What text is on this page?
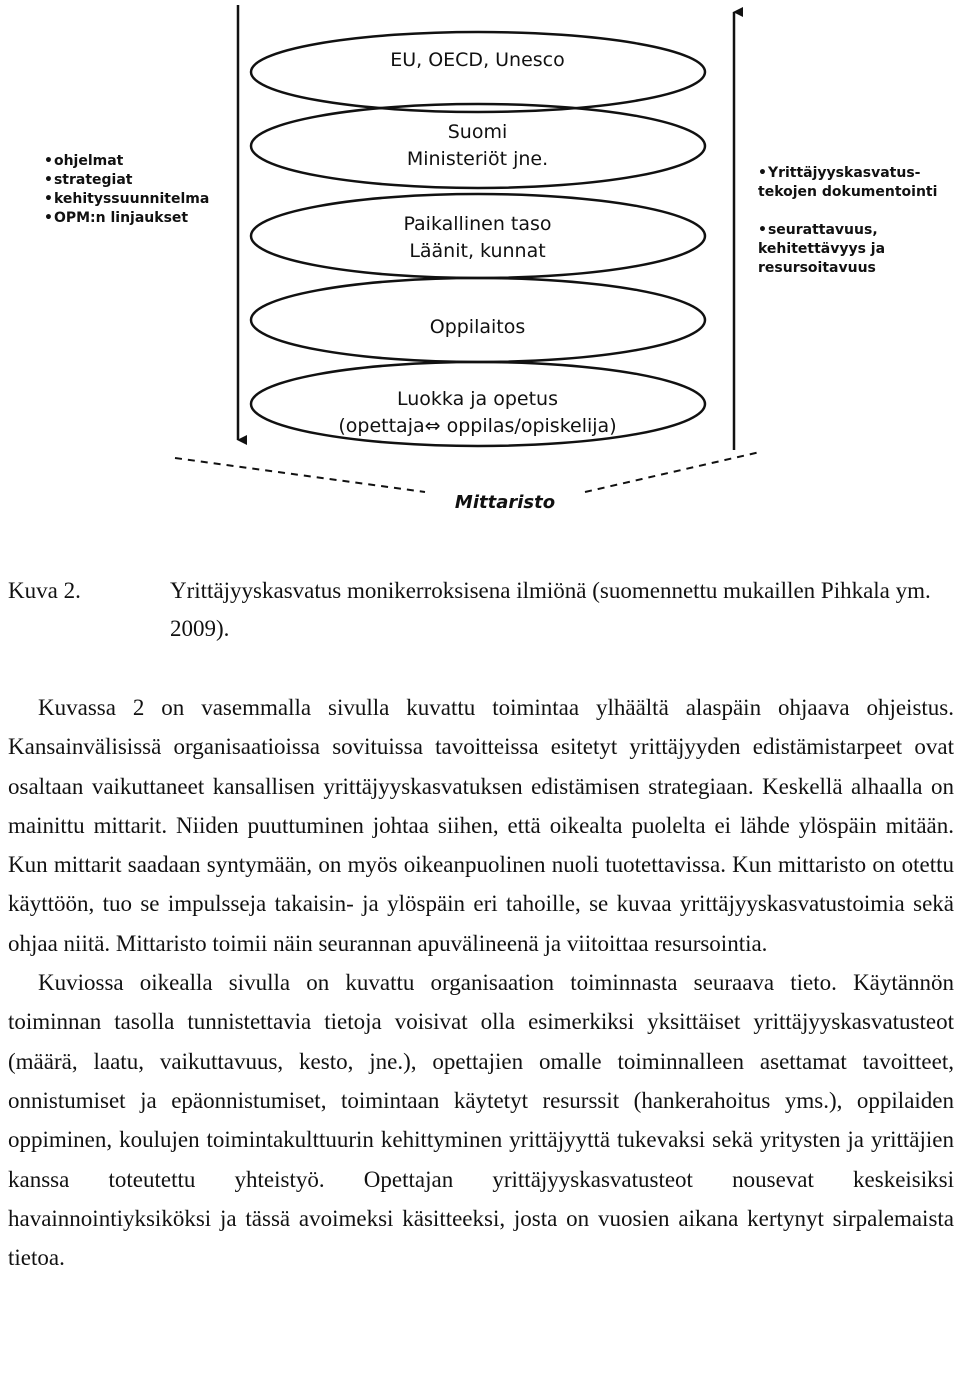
EU, OECD, Unesco
Suomi
Ministeriöt jne.
Paikallinen taso
Läänit, kunnat
Oppilaitos
Luokka ja opetus
(opettaja⇔ oppilas/opiskelija)
• ohjelmat
• strategiat
• kehityssuunnitelma
• OPM:n linjaukset

• Yrittäjyyskasvatus-
tekojen dokumentointi

• seurattavuus,
kehitettävyys ja
resursoitavuus

Mittaristo
Kuva 2.	Yrittäjyyskasvatus monikerroksisena ilmiönä (suomennettu mukaillen Pihkala ym. 2009).

Kuvassa 2 on vasemmalla sivulla kuvattu toimintaa ylhäältä alaspäin ohjaava ohjeistus. Kansainvälisissä organisaatioissa sovituissa tavoitteissa esitetyt yrittäjyyden edistämistarpeet ovat osaltaan vaikuttaneet kansallisen yrittäjyyskasvatuksen edistämisen strategiaan. Keskellä alhaalla on mainittu mittarit. Niiden puuttuminen johtaa siihen, että oikealta puolelta ei lähde ylöspäin mitään. Kun mittarit saadaan syntymään, on myös oikeanpuolinen nuoli tuotettavissa. Kun mittaristo on otettu käyttöön, tuo se impulsseja takaisin- ja ylöspäin eri tahoille, se kuvaa yrittäjyyskasvatustoimia sekä ohjaa niitä. Mittaristo toimii näin seurannan apuvälineenä ja viitoittaa resursointia.

Kuviossa oikealla sivulla on kuvattu organisaation toiminnasta seuraava tieto. Käytännön toiminnan tasolla tunnistettavia tietoja voisivat olla esimerkiksi yksittäiset yrittäjyyskasvatusteot (määrä, laatu, vaikuttavuus, kesto, jne.), opettajien omalle toiminnalleen asettamat tavoitteet, onnistumiset ja epäonnistumiset, toimintaan käytetyt resurssit (hankerahoitus yms.), oppilaiden oppiminen, koulujen toimintakulttuurin kehittyminen yrittäjyyttä tukevaksi sekä yritysten ja yrittäjien kanssa toteutettu yhteistyö. Opettajan yrittäjyyskasvatusteot nousevat keskeisiksi havainnointiyksiköksi ja tässä avoimeksi käsitteeksi, josta on vuosien aikana kertynyt sirpalemaista tietoa.
